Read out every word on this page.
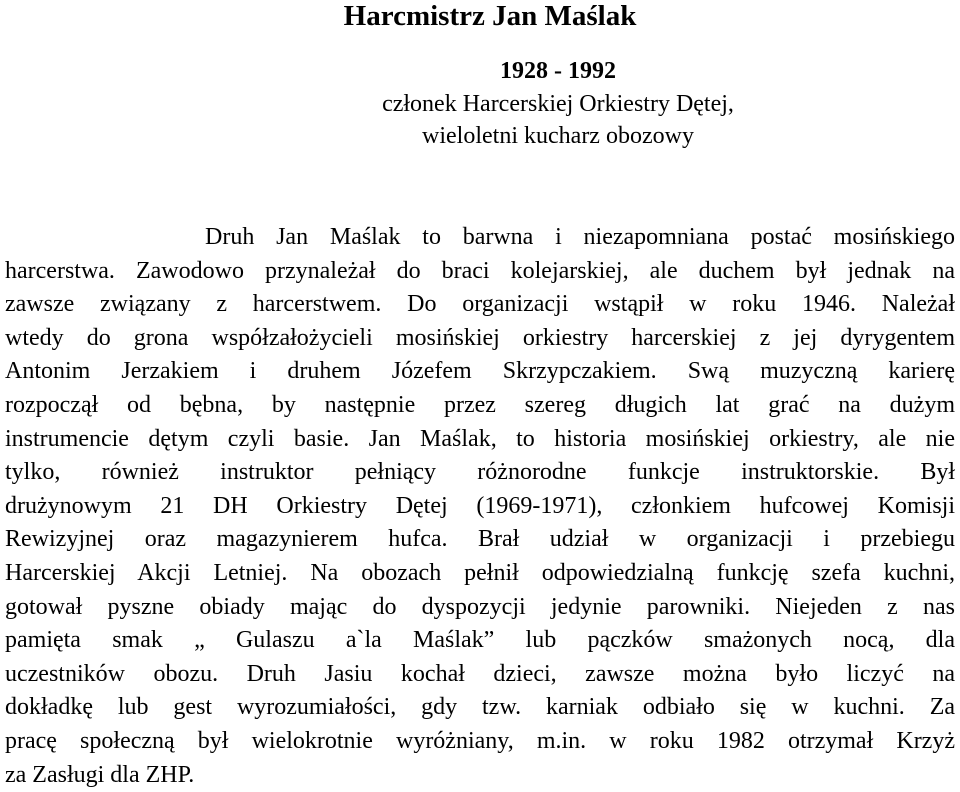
Harcmistrz Jan Maślak
1928 - 1992
członek Harcerskiej Orkiestry Dętej,
wieloletni kucharz obozowy
Druh Jan Maślak to barwna i niezapomniana postać mosińskiego
harcerstwa. Zawodowo przynależał do braci kolejarskiej, ale duchem był jednak na
zawsze związany z harcerstwem. Do organizacji wstąpił w roku 1946. Należał
wtedy do grona współzałożycieli mosińskiej orkiestry harcerskiej z jej dyrygentem
Antonim Jerzakiem i druhem Józefem Skrzypczakiem. Swą muzyczną karierę
rozpoczął od bębna, by następnie przez szereg długich lat grać na dużym
instrumencie dętym czyli basie. Jan Maślak, to historia mosińskiej orkiestry, ale nie
tylko, również instruktor pełniący różnorodne funkcje instruktorskie. Był
drużynowym 21 DH Orkiestry Dętej (1969-1971), członkiem hufcowej Komisji
Rewizyjnej oraz magazynierem hufca. Brał udział w organizacji i przebiegu
Harcerskiej Akcji Letniej. Na obozach pełnił odpowiedzialną funkcję szefa kuchni,
gotował pyszne obiady mając do dyspozycji jedynie parowniki. Niejeden z nas
pamięta smak „ Gulaszu a`la Maślak” lub pączków smażonych nocą, dla
uczestników obozu. Druh Jasiu kochał dzieci, zawsze można było liczyć na
dokładkę lub gest wyrozumiałości, gdy tzw. karniak odbiało się w kuchni. Za
pracę społeczną był wielokrotnie wyróżniany, m.in. w roku 1982 otrzymał Krzyż
za Zasługi dla ZHP.
